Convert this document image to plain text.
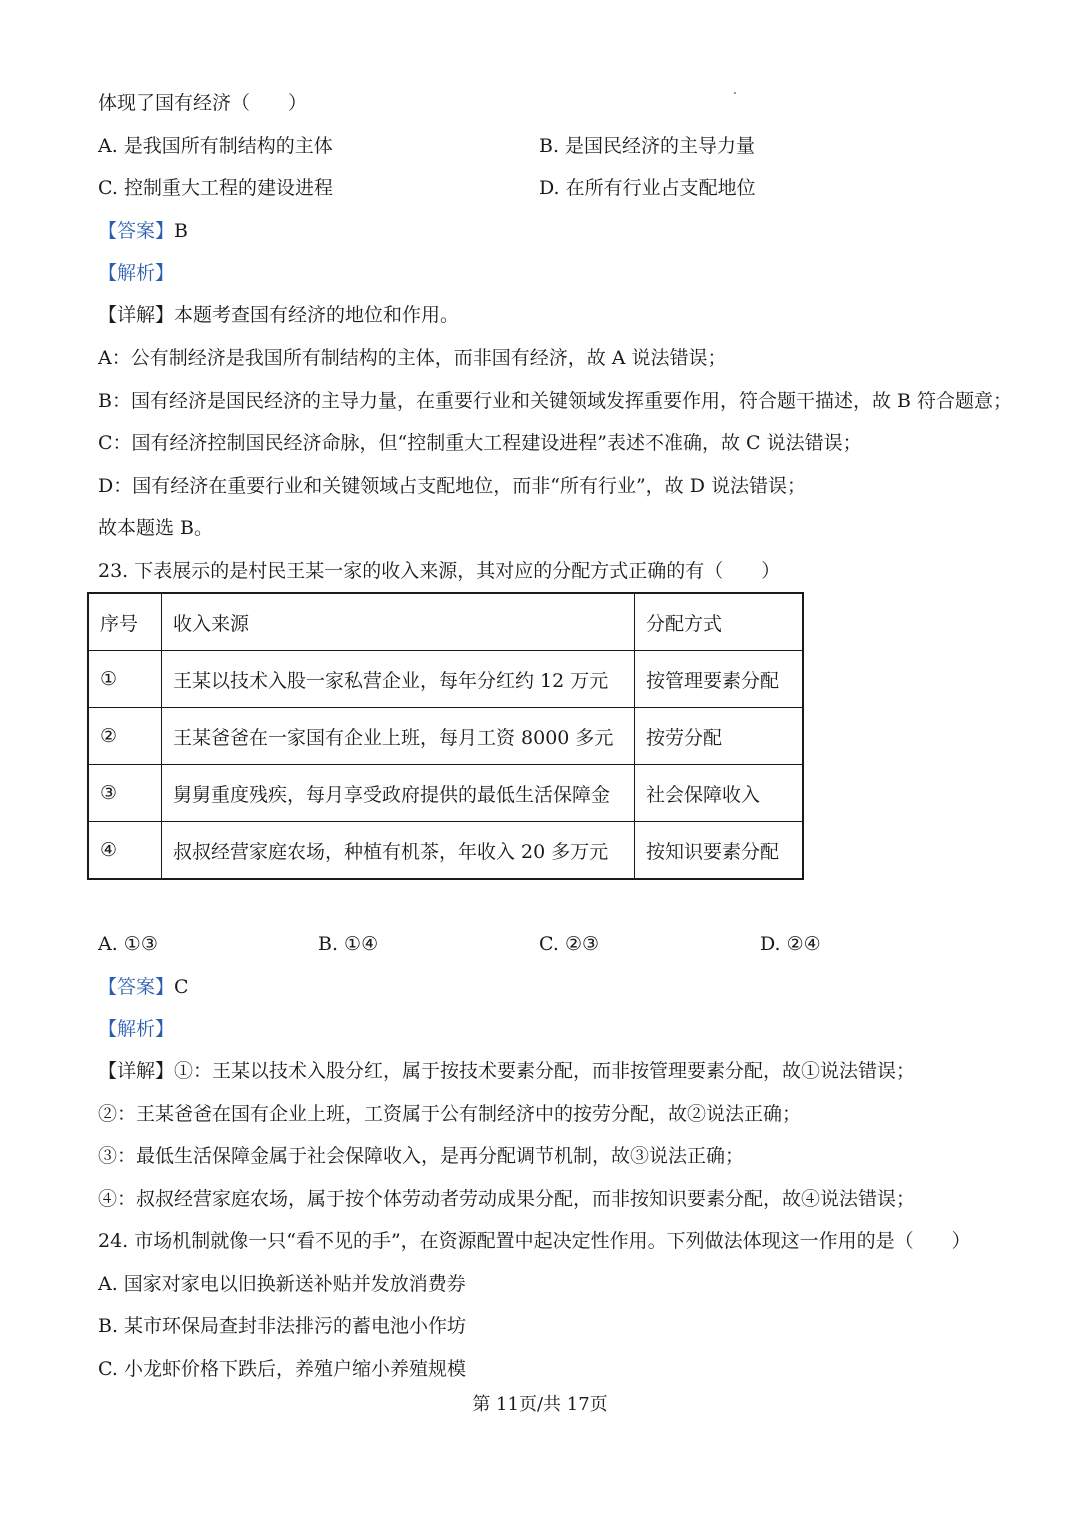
体现了国有经济（　　）
A. 是我国所有制结构的主体	B. 是国民经济的主导力量
C. 控制重大工程的建设进程	D. 在所有行业占支配地位
【答案】B
【解析】
【详解】本题考查国有经济的地位和作用。
A：公有制经济是我国所有制结构的主体，而非国有经济，故 A 说法错误；
B：国有经济是国民经济的主导力量，在重要行业和关键领域发挥重要作用，符合题干描述，故 B 符合题意；
C：国有经济控制国民经济命脉，但“控制重大工程建设进程”表述不准确，故 C 说法错误；
D：国有经济在重要行业和关键领域占支配地位，而非“所有行业”，故 D 说法错误；
故本题选 B。
23. 下表展示的是村民王某一家的收入来源，其对应的分配方式正确的有（　　）
序号	收入来源	分配方式
①	王某以技术入股一家私营企业，每年分红约 12 万元	按管理要素分配
②	王某爸爸在一家国有企业上班，每月工资 8000 多元	按劳分配
③	舅舅重度残疾，每月享受政府提供的最低生活保障金	社会保障收入
④	叔叔经营家庭农场，种植有机茶，年收入 20 多万元	按知识要素分配
A. ①③	B. ①④	C. ②③	D. ②④
【答案】C
【解析】
【详解】①：王某以技术入股分红，属于按技术要素分配，而非按管理要素分配，故①说法错误；
②：王某爸爸在国有企业上班，工资属于公有制经济中的按劳分配，故②说法正确；
③：最低生活保障金属于社会保障收入，是再分配调节机制，故③说法正确；
④：叔叔经营家庭农场，属于按个体劳动者劳动成果分配，而非按知识要素分配，故④说法错误；
24. 市场机制就像一只“看不见的手”，在资源配置中起决定性作用。下列做法体现这一作用的是（　　）
A. 国家对家电以旧换新送补贴并发放消费券
B. 某市环保局查封非法排污的蓄电池小作坊
C. 小龙虾价格下跌后，养殖户缩小养殖规模
第 11页/共 17页
